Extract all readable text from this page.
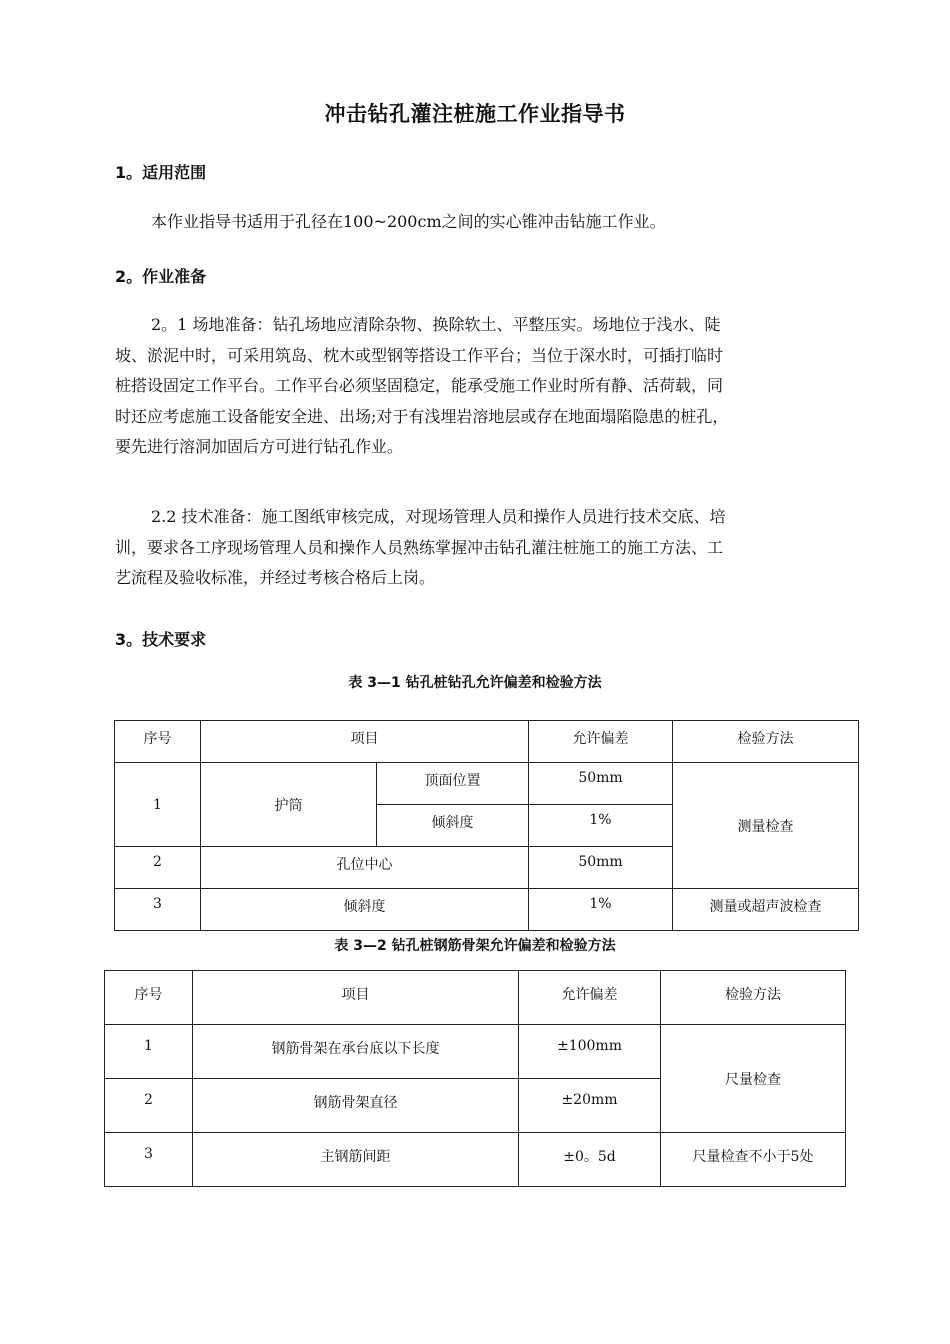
冲击钻孔灌注桩施工作业指导书
1。适用范围
本作业指导书适用于孔径在100~200cm之间的实心锥冲击钻施工作业。
2。作业准备
2。1 场地准备：钻孔场地应清除杂物、换除软土、平整压实。场地位于浅水、陡
坡、淤泥中时，可采用筑岛、枕木或型钢等搭设工作平台；当位于深水时，可插打临时
桩搭设固定工作平台。工作平台必须坚固稳定，能承受施工作业时所有静、活荷载，同
时还应考虑施工设备能安全进、出场;对于有浅埋岩溶地层或存在地面塌陷隐患的桩孔，
要先进行溶洞加固后方可进行钻孔作业。
2.2 技术准备：施工图纸审核完成，对现场管理人员和操作人员进行技术交底、培
训，要求各工序现场管理人员和操作人员熟练掌握冲击钻孔灌注桩施工的施工方法、工
艺流程及验收标准，并经过考核合格后上岗。
3。技术要求
表 3—1 钻孔桩钻孔允许偏差和检验方法
序号	项目		允许偏差	检验方法
1	护筒	顶面位置	50mm	测量检查
		倾斜度	1%	
2	孔位中心		50mm	
3	倾斜度		1%	测量或超声波检查
表 3—2 钻孔桩钢筋骨架允许偏差和检验方法
序号	项目	允许偏差	检验方法
1	钢筋骨架在承台底以下长度	±100mm	尺量检查
2	钢筋骨架直径	±20mm	
3	主钢筋间距	±0。5d	尺量检查不小于5处
